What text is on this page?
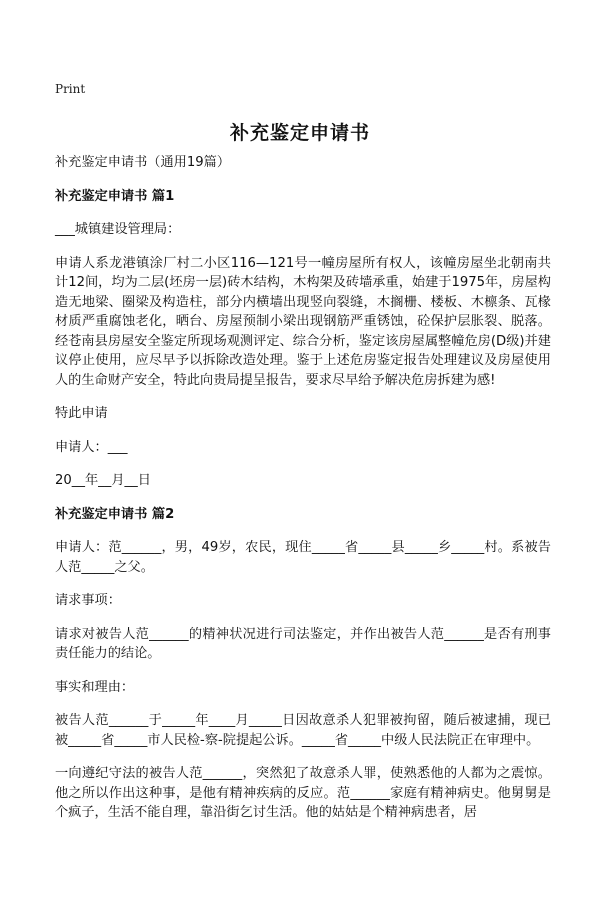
Print
补充鉴定申请书

补充鉴定申请书（通用19篇）

补充鉴定申请书 篇1

___城镇建设管理局：

申请人系龙港镇涂厂村二小区116—121号一幢房屋所有权人，该幢房屋坐北朝南共计12间，均为二层(坯房一层)砖木结构，木构架及砖墙承重，始建于1975年，房屋构造无地梁、圈梁及构造柱，部分内横墙出现竖向裂缝，木搁栅、楼板、木檩条、瓦椽材质严重腐蚀老化，晒台、房屋预制小梁出现钢筋严重锈蚀，砼保护层胀裂、脱落。经苍南县房屋安全鉴定所现场观测评定、综合分析，鉴定该房屋属整幢危房(D级)并建议停止使用，应尽早予以拆除改造处理。鉴于上述危房鉴定报告处理建议及房屋使用人的生命财产安全，特此向贵局提呈报告，要求尽早给予解决危房拆建为感!

特此申请

申请人：___

20__年__月__日

补充鉴定申请书 篇2

申请人：范______，男，49岁，农民，现住_____省_____县_____乡_____村。系被告人范_____之父。

请求事项：

请求对被告人范______的精神状况进行司法鉴定，并作出被告人范______是否有刑事责任能力的结论。

事实和理由：

被告人范______于_____年____月_____日因故意杀人犯罪被拘留，随后被逮捕，现已被_____省_____市人民检-察-院提起公诉。_____省_____中级人民法院正在审理中。

一向遵纪守法的被告人范______，突然犯了故意杀人罪，使熟悉他的人都为之震惊。他之所以作出这种事，是他有精神疾病的反应。范______家庭有精神病史。他舅舅是个疯子，生活不能自理，靠沿街乞讨生活。他的姑姑是个精神病患者，居
